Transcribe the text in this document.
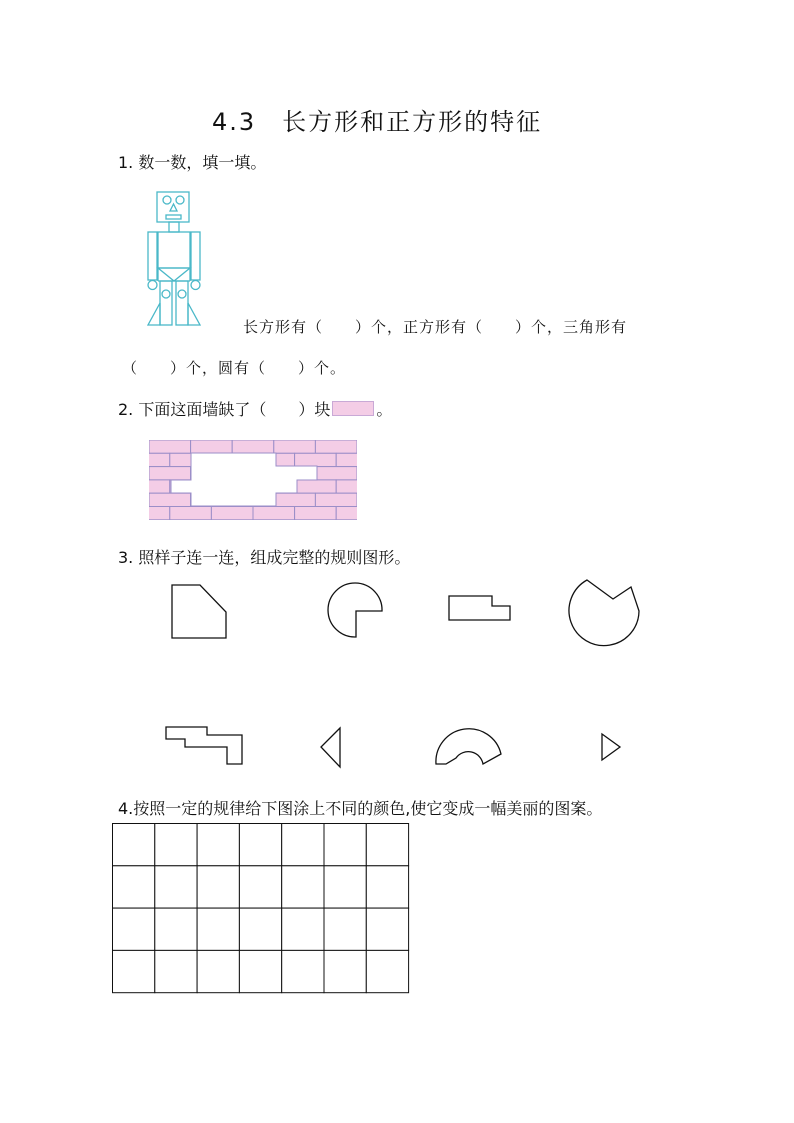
4.3　长方形和正方形的特征
1. 数一数，填一填。
长方形有（　　）个，正方形有（　　）个，三角形有
（　　）个，圆有（　　）个。
2. 下面这面墙缺了（　　）块	。
3. 照样子连一连，组成完整的规则图形。
4.按照一定的规律给下图涂上不同的颜色,使它变成一幅美丽的图案。
